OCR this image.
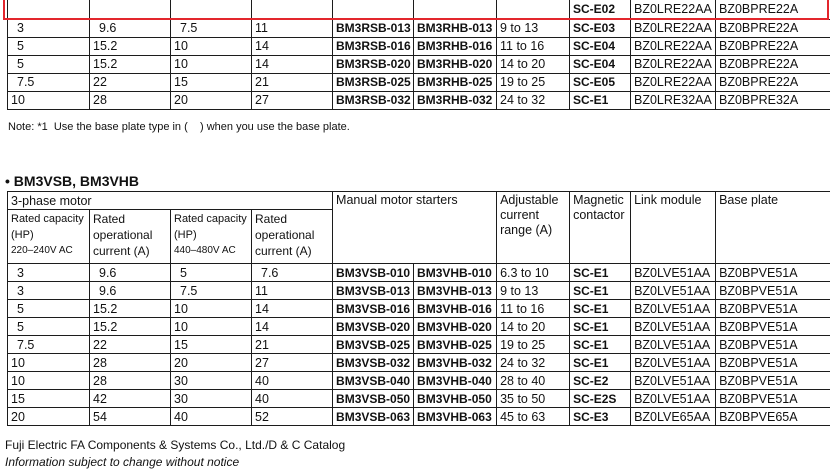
							SC-E02	BZ0LRE22AA	BZ0BPRE22A
3	9.6	7.5	11	BM3RSB-013	BM3RHB-013	9 to 13	SC-E03	BZ0LRE22AA	BZ0BPRE22A
5	15.2	10	14	BM3RSB-016	BM3RHB-016	11 to 16	SC-E04	BZ0LRE22AA	BZ0BPRE22A
5	15.2	10	14	BM3RSB-020	BM3RHB-020	14 to 20	SC-E04	BZ0LRE22AA	BZ0BPRE22A
7.5	22	15	21	BM3RSB-025	BM3RHB-025	19 to 25	SC-E05	BZ0LRE22AA	BZ0BPRE22A
10	28	20	27	BM3RSB-032	BM3RHB-032	24 to 32	SC-E1	BZ0LRE32AA	BZ0BPRE32A
Note: *1  Use the base plate type in (    ) when you use the base plate.
• BM3VSB, BM3VHB
3-phase motor				Manual motor starters		Adjustable
current
range (A)	Magnetic
contactor	Link module	Base plate

Rated capacity
(HP)
220–240V AC	Rated
operational
current (A)	Rated capacity
(HP)
440–480V AC	Rated
operational
current (A)						

3	9.6	5	7.6	BM3VSB-010	BM3VHB-010	6.3 to 10	SC-E1	BZ0LVE51AA	BZ0BPVE51A
3	9.6	7.5	11	BM3VSB-013	BM3VHB-013	9 to 13	SC-E1	BZ0LVE51AA	BZ0BPVE51A
5	15.2	10	14	BM3VSB-016	BM3VHB-016	11 to 16	SC-E1	BZ0LVE51AA	BZ0BPVE51A
5	15.2	10	14	BM3VSB-020	BM3VHB-020	14 to 20	SC-E1	BZ0LVE51AA	BZ0BPVE51A
7.5	22	15	21	BM3VSB-025	BM3VHB-025	19 to 25	SC-E1	BZ0LVE51AA	BZ0BPVE51A
10	28	20	27	BM3VSB-032	BM3VHB-032	24 to 32	SC-E1	BZ0LVE51AA	BZ0BPVE51A
10	28	30	40	BM3VSB-040	BM3VHB-040	28 to 40	SC-E2	BZ0LVE51AA	BZ0BPVE51A
15	42	30	40	BM3VSB-050	BM3VHB-050	35 to 50	SC-E2S	BZ0LVE51AA	BZ0BPVE51A
20	54	40	52	BM3VSB-063	BM3VHB-063	45 to 63	SC-E3	BZ0LVE65AA	BZ0BPVE65A
Fuji Electric FA Components & Systems Co., Ltd./D & C Catalog
Information subject to change without notice
